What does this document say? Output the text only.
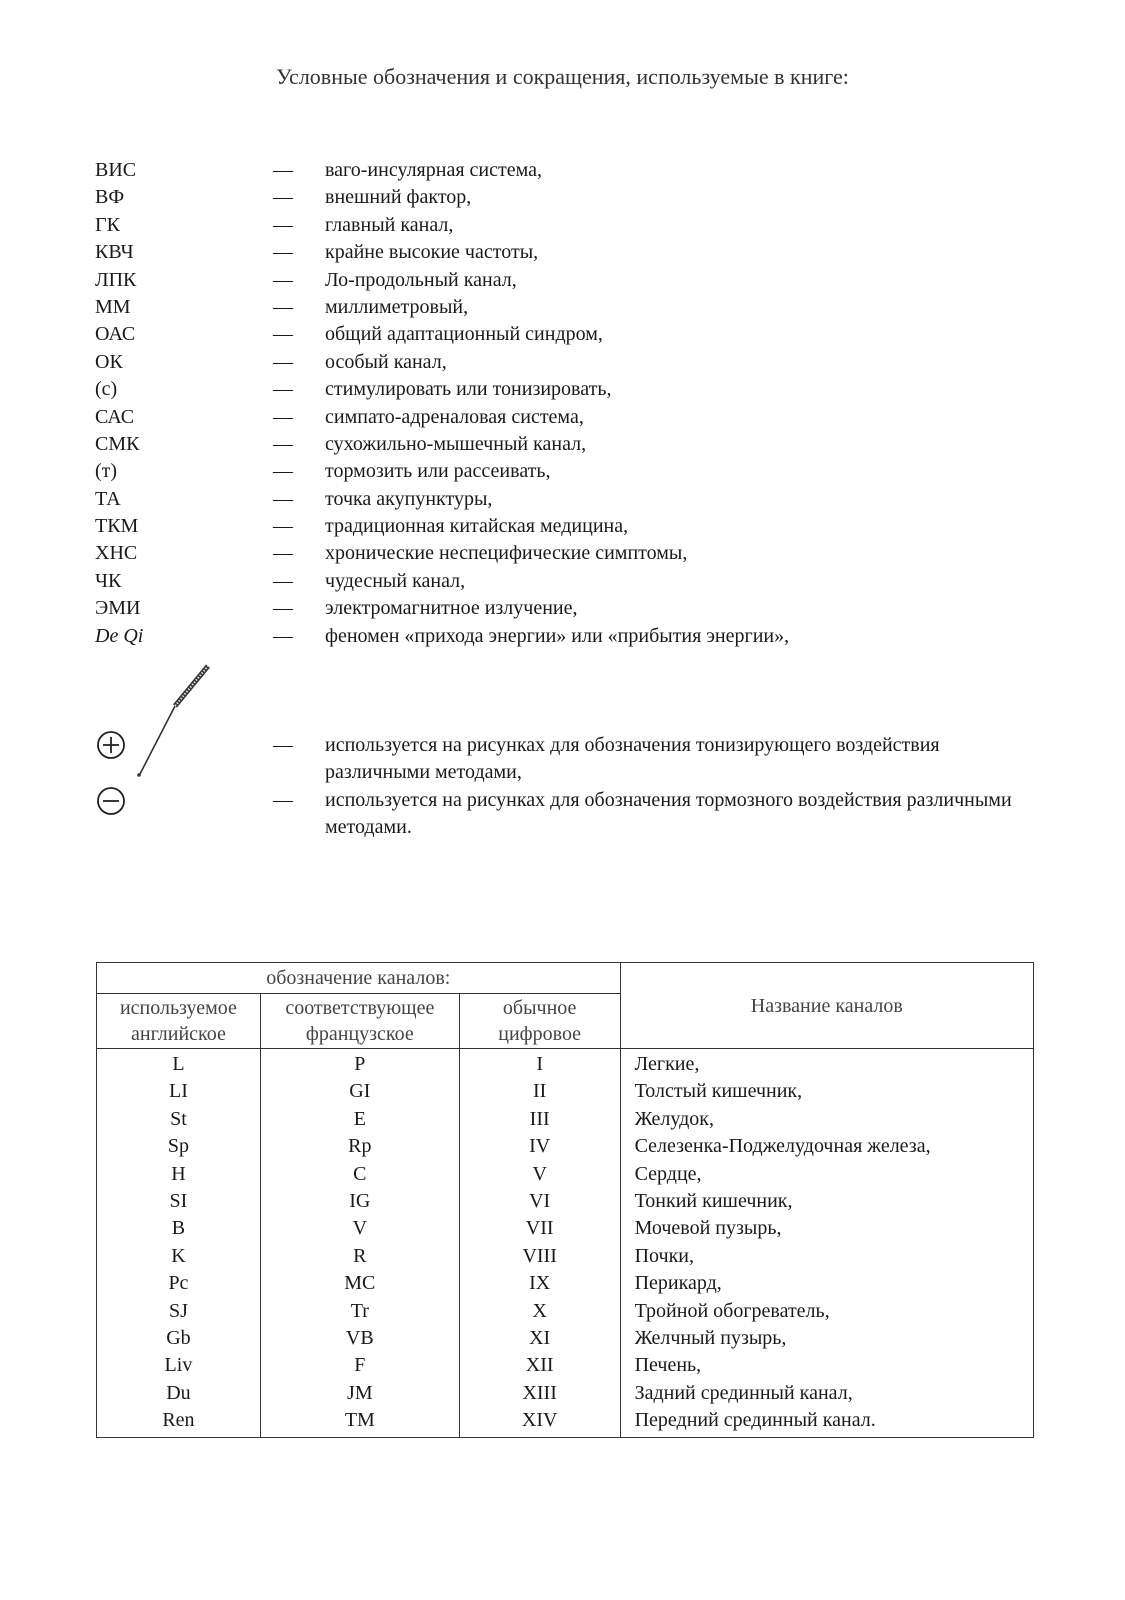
Условные обозначения и сокращения, используемые в книге:
ВИС	— ваго-инсулярная система,
ВФ	— внешний фактор,
ГК	— главный канал,
КВЧ	— крайне высокие частоты,
ЛПК	— Ло-продольный канал,
ММ	— миллиметровый,
ОАС	— общий адаптационный синдром,
ОК	— особый канал,
(с)	— стимулировать или тонизировать,
САС	— симпато-адреналовая система,
СМК	— сухожильно-мышечный канал,
(т)	— тормозить или рассеивать,
ТА	— точка акупунктуры,
ТКМ	— традиционная китайская медицина,
ХНС	— хронические неспецифические симптомы,
ЧК	— чудесный канал,
ЭМИ	— электромагнитное излучение,
De Qi	— феномен «прихода энергии» или «прибытия энергии»,
— используется на рисунках для обозначения тонизирующего воздействия различными методами,
— используется на рисунках для обозначения тормозного воздействия различными методами.
обозначение каналов:			Название каналов
используемое английское	соответствующее французское	обычное цифровое	
L	P	I	Легкие,
LI	GI	II	Толстый кишечник,
St	E	III	Желудок,
Sp	Rp	IV	Селезенка-Поджелудочная железа,
H	C	V	Сердце,
SI	IG	VI	Тонкий кишечник,
B	V	VII	Мочевой пузырь,
K	R	VIII	Почки,
Pc	MC	IX	Перикард,
SJ	Tr	X	Тройной обогреватель,
Gb	VB	XI	Желчный пузырь,
Liv	F	XII	Печень,
Du	JM	XIII	Задний срединный канал,
Ren	TM	XIV	Передний срединный канал.
